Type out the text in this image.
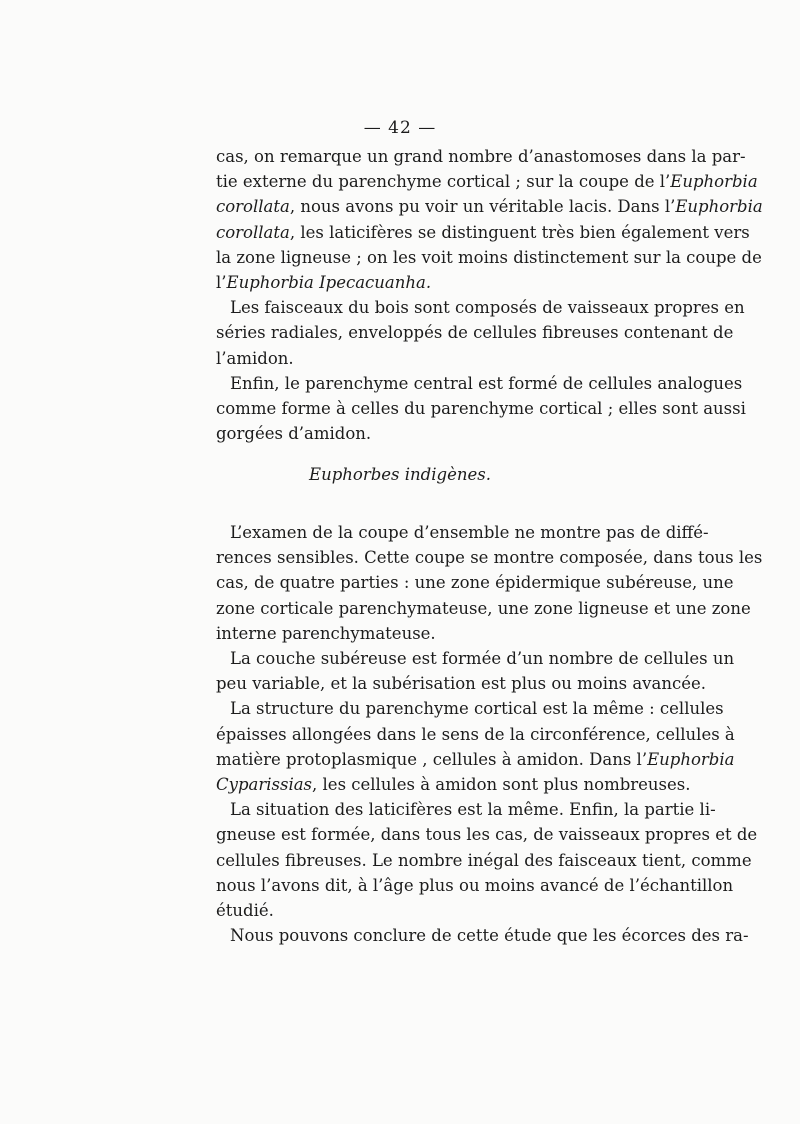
— 42 —

cas, on remarque un grand nombre d’anastomoses dans la par-
tie externe du parenchyme cortical ; sur la coupe de l’Euphorbia
corollata, nous avons pu voir un véritable lacis. Dans l’Euphorbia
corollata, les laticifères se distinguent très bien également vers
la zone ligneuse ; on les voit moins distinctement sur la coupe de
l’Euphorbia Ipecacuanha.

Les faisceaux du bois sont composés de vaisseaux propres en
séries radiales, enveloppés de cellules fibreuses contenant de
l’amidon.

Enfin, le parenchyme central est formé de cellules analogues
comme forme à celles du parenchyme cortical ; elles sont aussi
gorgées d’amidon.

Euphorbes indigènes.

L’examen de la coupe d’ensemble ne montre pas de diffé-
rences sensibles. Cette coupe se montre composée, dans tous les
cas, de quatre parties : une zone épidermique subéreuse, une
zone corticale parenchymateuse, une zone ligneuse et une zone
interne parenchymateuse.

La couche subéreuse est formée d’un nombre de cellules un
peu variable, et la subérisation est plus ou moins avancée.

La structure du parenchyme cortical est la même : cellules
épaisses allongées dans le sens de la circonférence, cellules à
matière protoplasmique , cellules à amidon. Dans l’Euphorbia
Cyparissias, les cellules à amidon sont plus nombreuses.

La situation des laticifères est la même. Enfin, la partie li-
gneuse est formée, dans tous les cas, de vaisseaux propres et de
cellules fibreuses. Le nombre inégal des faisceaux tient, comme
nous l’avons dit, à l’âge plus ou moins avancé de l’échantillon
étudié.

Nous pouvons conclure de cette étude que les écorces des ra-
